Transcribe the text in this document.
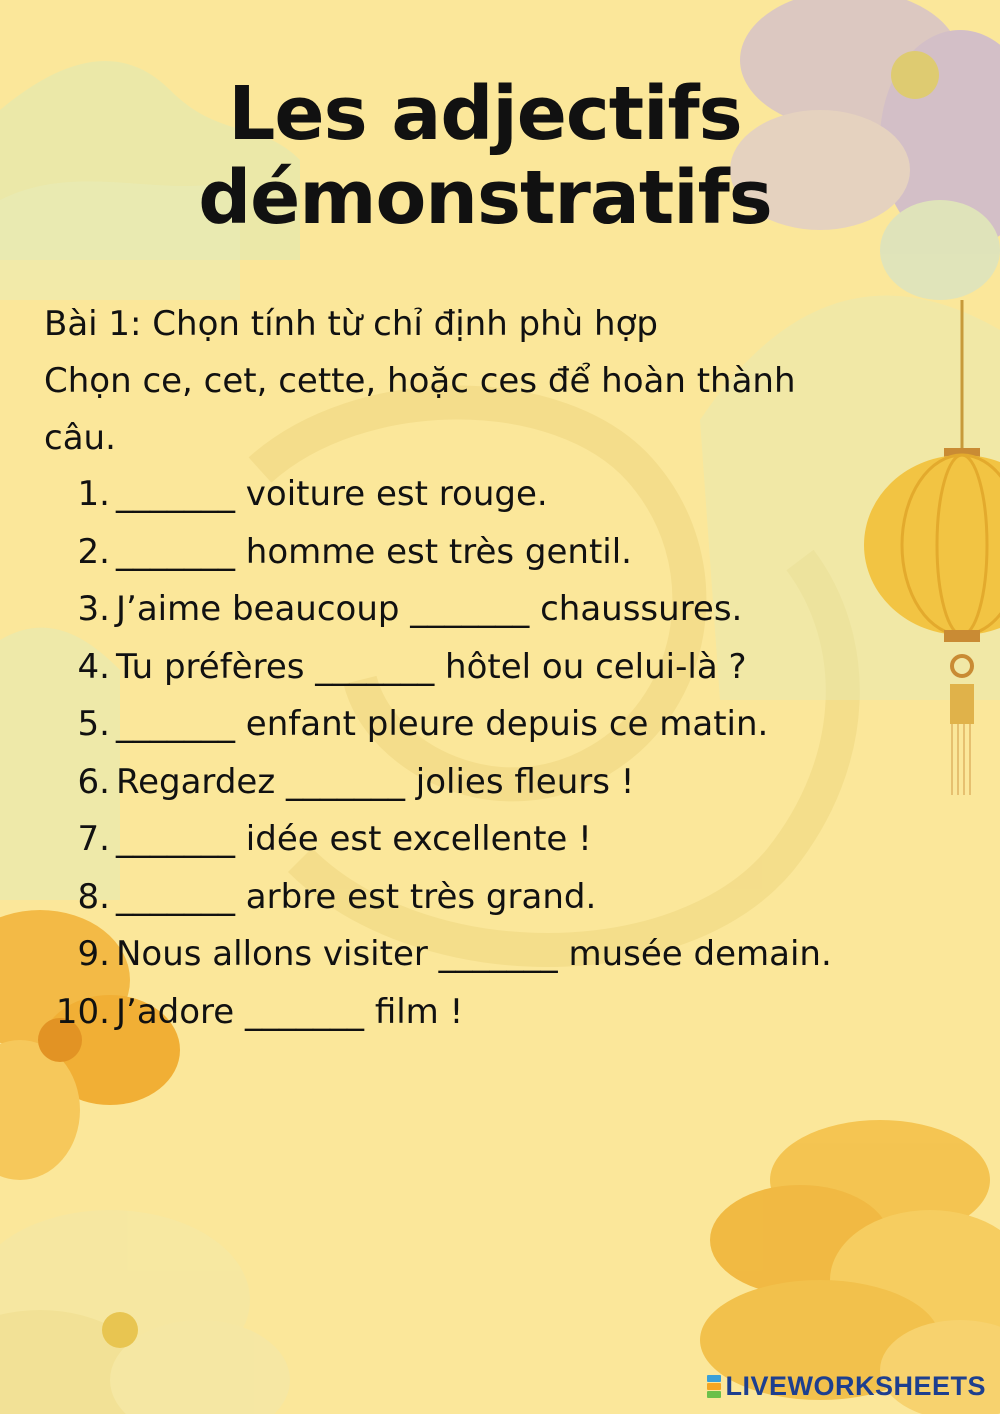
Les adjectifs
démonstratifs
Bài 1: Chọn tính từ chỉ định phù hợp
Chọn ce, cet, cette, hoặc ces để hoàn thành
câu.
1. _______ voiture est rouge.
2. _______ homme est très gentil.
3. J’aime beaucoup _______ chaussures.
4. Tu préfères _______ hôtel ou celui-là ?
5. _______ enfant pleure depuis ce matin.
6. Regardez _______ jolies fleurs !
7. _______ idée est excellente !
8. _______ arbre est très grand.
9. Nous allons visiter _______ musée demain.
10. J’adore _______ film !
LIVEWORKSHEETS
